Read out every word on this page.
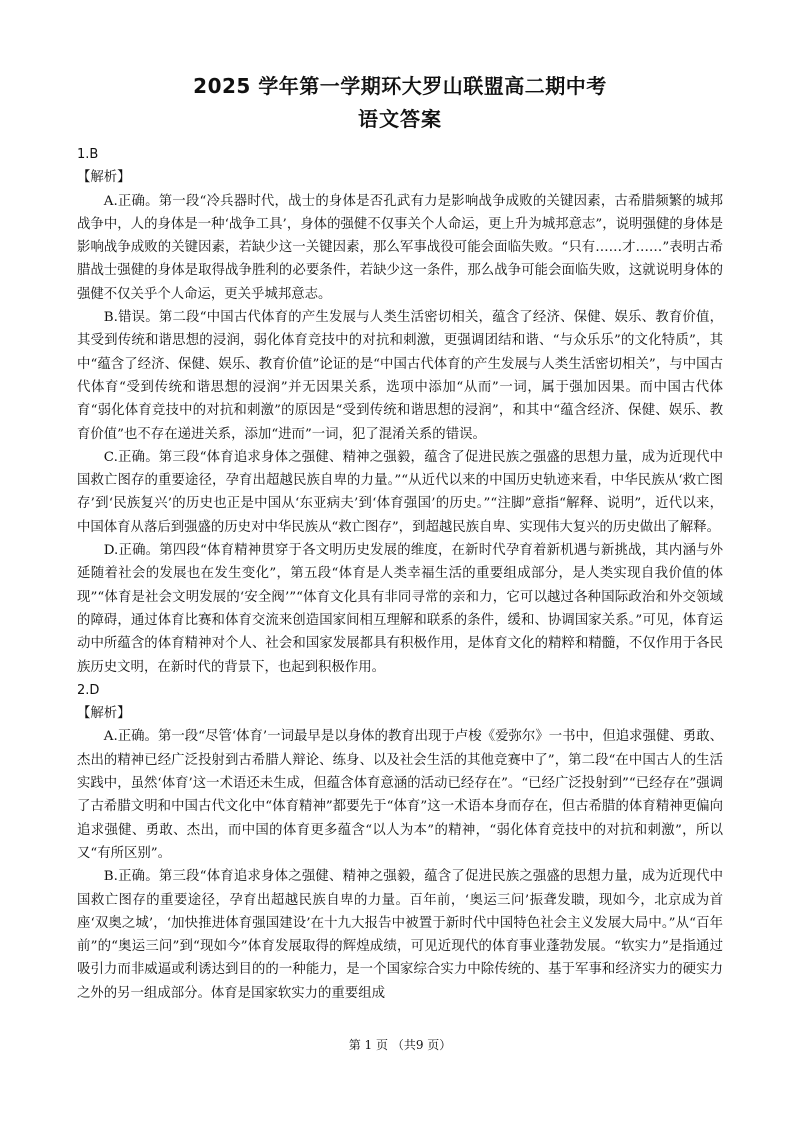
2025 学年第一学期环大罗山联盟高二期中考
语文答案

1.B

【解析】

A.正确。第一段“冷兵器时代，战士的身体是否孔武有力是影响战争成败的关键因素，古希腊频繁的城邦战争中，人的身体是一种‘战争工具’，身体的强健不仅事关个人命运，更上升为城邦意志”，说明强健的身体是影响战争成败的关键因素，若缺少这一关键因素，那么军事战役可能会面临失败。“只有……才……”表明古希腊战士强健的身体是取得战争胜利的必要条件，若缺少这一条件，那么战争可能会面临失败，这就说明身体的强健不仅关乎个人命运，更关乎城邦意志。

B.错误。第二段“中国古代体育的产生发展与人类生活密切相关，蕴含了经济、保健、娱乐、教育价值，其受到传统和谐思想的浸润，弱化体育竞技中的对抗和刺激，更强调团结和谐、“与众乐乐”的文化特质”，其中“蕴含了经济、保健、娱乐、教育价值”论证的是“中国古代体育的产生发展与人类生活密切相关”，与中国古代体育“受到传统和谐思想的浸润”并无因果关系，选项中添加“从而”一词，属于强加因果。而中国古代体育“弱化体育竞技中的对抗和刺激”的原因是“受到传统和谐思想的浸润”，和其中“蕴含经济、保健、娱乐、教育价值”也不存在递进关系，添加“进而”一词，犯了混淆关系的错误。

C.正确。第三段“体育追求身体之强健、精神之强毅，蕴含了促进民族之强盛的思想力量，成为近现代中国救亡图存的重要途径，孕育出超越民族自卑的力量。”“从近代以来的中国历史轨迹来看，中华民族从‘救亡图存’到‘民族复兴’的历史也正是中国从‘东亚病夫’到‘体育强国’的历史。”“注脚”意指“解释、说明”，近代以来，中国体育从落后到强盛的历史对中华民族从“救亡图存”，到超越民族自卑、实现伟大复兴的历史做出了解释。

D.正确。第四段“体育精神贯穿于各文明历史发展的维度，在新时代孕育着新机遇与新挑战，其内涵与外延随着社会的发展也在发生变化”，第五段“体育是人类幸福生活的重要组成部分，是人类实现自我价值的体现”“体育是社会文明发展的‘安全阀’”“体育文化具有非同寻常的亲和力，它可以越过各种国际政治和外交领域的障碍，通过体育比赛和体育交流来创造国家间相互理解和联系的条件，缓和、协调国家关系。”可见，体育运动中所蕴含的体育精神对个人、社会和国家发展都具有积极作用，是体育文化的精粹和精髓，不仅作用于各民族历史文明，在新时代的背景下，也起到积极作用。

2.D

【解析】

A.正确。第一段“尽管‘体育’一词最早是以身体的教育出现于卢梭《爱弥尔》一书中，但追求强健、勇敢、杰出的精神已经广泛投射到古希腊人辩论、练身、以及社会生活的其他竞赛中了”，第二段“在中国古人的生活实践中，虽然‘体育’这一术语还未生成，但蕴含体育意涵的活动已经存在”。“已经广泛投射到”“已经存在”强调了古希腊文明和中国古代文化中“体育精神”都要先于“体育”这一术语本身而存在，但古希腊的体育精神更偏向追求强健、勇敢、杰出，而中国的体育更多蕴含“以人为本”的精神，“弱化体育竞技中的对抗和刺激”，所以又“有所区别”。

B.正确。第三段“体育追求身体之强健、精神之强毅，蕴含了促进民族之强盛的思想力量，成为近现代中国救亡图存的重要途径，孕育出超越民族自卑的力量。百年前，‘奥运三问’振聋发聩，现如今，北京成为首座‘双奥之城’，‘加快推进体育强国建设’在十九大报告中被置于新时代中国特色社会主义发展大局中。”从“百年前”的“奥运三问”到“现如今”体育发展取得的辉煌成绩，可见近现代的体育事业蓬勃发展。“软实力”是指通过吸引力而非威逼或利诱达到目的的一种能力，是一个国家综合实力中除传统的、基于军事和经济实力的硬实力之外的另一组成部分。体育是国家软实力的重要组成

第 1 页 （共9 页）
